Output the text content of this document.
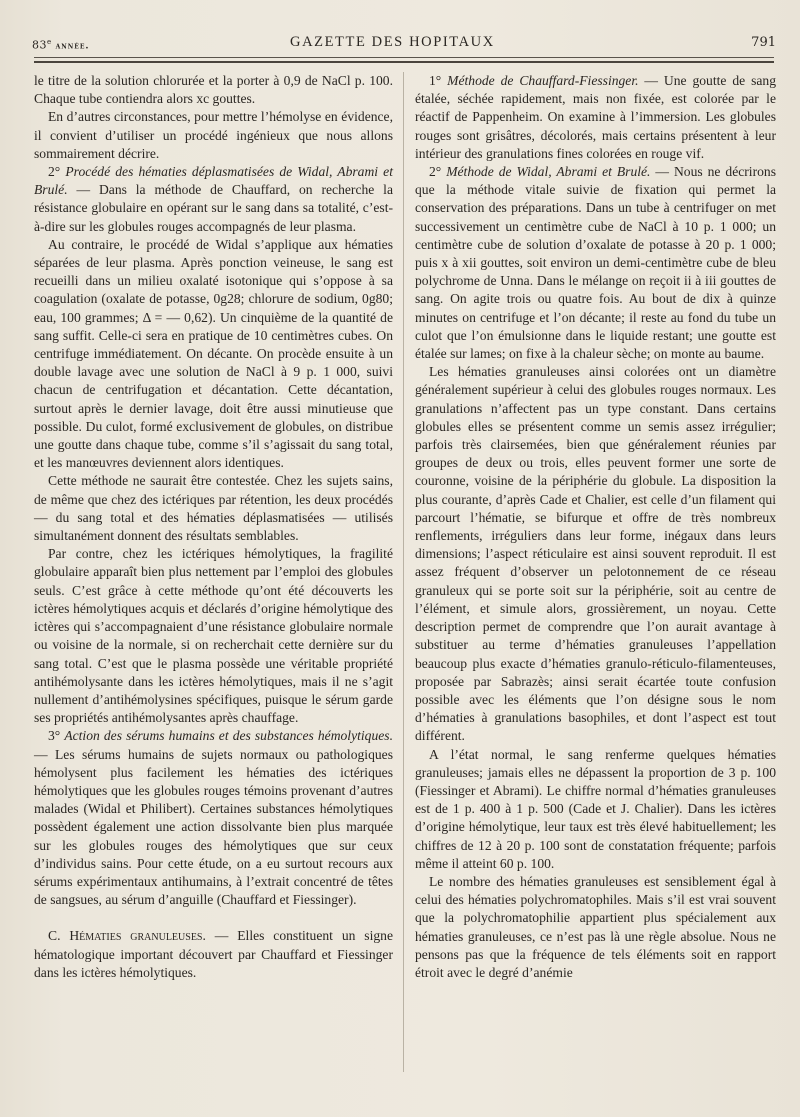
83e année.	GAZETTE DES HOPITAUX	791

le titre de la solution chlorurée et la porter à 0,9 de NaCl p. 100. Chaque tube contiendra alors xc gouttes.

En d’autres circonstances, pour mettre l’hémolyse en évidence, il convient d’utiliser un procédé ingénieux que nous allons sommairement décrire.

2° Procédé des hématies déplasmatisées de Widal, Abrami et Brulé. — Dans la méthode de Chauffard, on recherche la résistance globulaire en opérant sur le sang dans sa totalité, c’est-à-dire sur les globules rouges accompagnés de leur plasma.

Au contraire, le procédé de Widal s’applique aux hématies séparées de leur plasma. Après ponction veineuse, le sang est recueilli dans un milieu oxalaté isotonique qui s’oppose à sa coagulation (oxalate de potasse, 0g28; chlorure de sodium, 0g80; eau, 100 grammes; Δ = — 0,62). Un cinquième de la quantité de sang suffit. Celle-ci sera en pratique de 10 centimètres cubes. On centrifuge immédiatement. On décante. On procède ensuite à un double lavage avec une solution de NaCl à 9 p. 1 000, suivi chacun de centrifugation et décantation. Cette décantation, surtout après le dernier lavage, doit être aussi minutieuse que possible. Du culot, formé exclusivement de globules, on distribue une goutte dans chaque tube, comme s’il s’agissait du sang total, et les manœuvres deviennent alors identiques.

Cette méthode ne saurait être contestée. Chez les sujets sains, de même que chez des ictériques par rétention, les deux procédés — du sang total et des hématies déplasmatisées — utilisés simultanément donnent des résultats semblables.

Par contre, chez les ictériques hémolytiques, la fragilité globulaire apparaît bien plus nettement par l’emploi des globules seuls. C’est grâce à cette méthode qu’ont été découverts les ictères hémolytiques acquis et déclarés d’origine hémolytique des ictères qui s’accompagnaient d’une résistance globulaire normale ou voisine de la normale, si on recherchait cette dernière sur du sang total. C’est que le plasma possède une véritable propriété antihémolysante dans les ictères hémolytiques, mais il ne s’agit nullement d’antihémolysines spécifiques, puisque le sérum garde ses propriétés antihémolysantes après chauffage.

3° Action des sérums humains et des substances hémolytiques. — Les sérums humains de sujets normaux ou pathologiques hémolysent plus facilement les hématies des ictériques hémolytiques que les globules rouges témoins provenant d’autres malades (Widal et Philibert). Certaines substances hémolytiques possèdent également une action dissolvante bien plus marquée sur les globules rouges des hémolytiques que sur ceux d’individus sains. Pour cette étude, on a eu surtout recours aux sérums expérimentaux antihumains, à l’extrait concentré de têtes de sangsues, au sérum d’anguille (Chauffard et Fiessinger).

C. Hématies granuleuses. — Elles constituent un signe hématologique important découvert par Chauffard et Fiessinger dans les ictères hémolytiques.

1° Méthode de Chauffard-Fiessinger. — Une goutte de sang étalée, séchée rapidement, mais non fixée, est colorée par le réactif de Pappenheim. On examine à l’immersion. Les globules rouges sont grisâtres, décolorés, mais certains présentent à leur intérieur des granulations fines colorées en rouge vif.

2° Méthode de Widal, Abrami et Brulé. — Nous ne décrirons que la méthode vitale suivie de fixation qui permet la conservation des préparations. Dans un tube à centrifuger on met successivement un centimètre cube de NaCl à 10 p. 1 000; un centimètre cube de solution d’oxalate de potasse à 20 p. 1 000; puis x à xii gouttes, soit environ un demi-centimètre cube de bleu polychrome de Unna. Dans le mélange on reçoit ii à iii gouttes de sang. On agite trois ou quatre fois. Au bout de dix à quinze minutes on centrifuge et l’on décante; il reste au fond du tube un culot que l’on émulsionne dans le liquide restant; une goutte est étalée sur lames; on fixe à la chaleur sèche; on monte au baume.

Les hématies granuleuses ainsi colorées ont un diamètre généralement supérieur à celui des globules rouges normaux. Les granulations n’affectent pas un type constant. Dans certains globules elles se présentent comme un semis assez irrégulier; parfois très clairsemées, bien que généralement réunies par groupes de deux ou trois, elles peuvent former une sorte de couronne, voisine de la périphérie du globule. La disposition la plus courante, d’après Cade et Chalier, est celle d’un filament qui parcourt l’hématie, se bifurque et offre de très nombreux renflements, irréguliers dans leur forme, inégaux dans leurs dimensions; l’aspect réticulaire est ainsi souvent reproduit. Il est assez fréquent d’observer un pelotonnement de ce réseau granuleux qui se porte soit sur la périphérie, soit au centre de l’élément, et simule alors, grossièrement, un noyau. Cette description permet de comprendre que l’on aurait avantage à substituer au terme d’hématies granuleuses l’appellation beaucoup plus exacte d’hématies granulo-réticulo-filamenteuses, proposée par Sabrazès; ainsi serait écartée toute confusion possible avec les éléments que l’on désigne sous le nom d’hématies à granulations basophiles, et dont l’aspect est tout différent.

A l’état normal, le sang renferme quelques hématies granuleuses; jamais elles ne dépassent la proportion de 3 p. 100 (Fiessinger et Abrami). Le chiffre normal d’hématies granuleuses est de 1 p. 400 à 1 p. 500 (Cade et J. Chalier). Dans les ictères d’origine hémolytique, leur taux est très élevé habituellement; les chiffres de 12 à 20 p. 100 sont de constatation fréquente; parfois même il atteint 60 p. 100.

Le nombre des hématies granuleuses est sensiblement égal à celui des hématies polychromatophiles. Mais s’il est vrai souvent que la polychromatophilie appartient plus spécialement aux hématies granuleuses, ce n’est pas là une règle absolue. Nous ne pensons pas que la fréquence de tels éléments soit en rapport étroit avec le degré d’anémie
